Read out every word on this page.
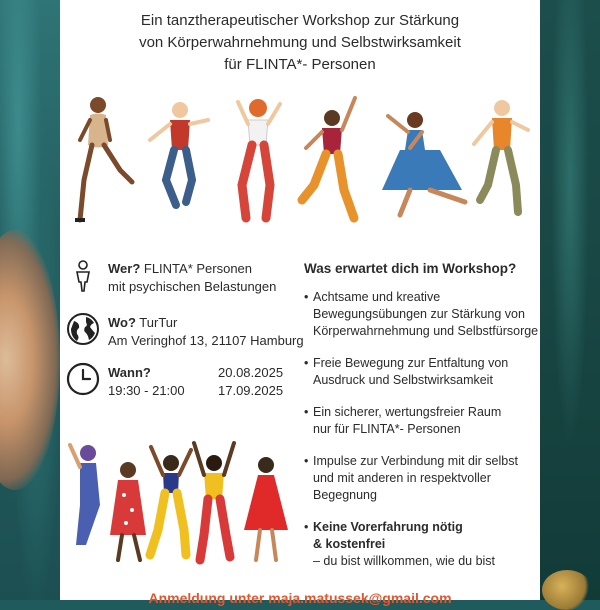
Ein tanztherapeutischer Workshop zur Stärkung
von Körperwahrnehmung und Selbstwirksamkeit
für FLINTA*- Personen
Wer? FLINTA* Personen
mit psychischen Belastungen
Wo? TurTur
Am Veringhof 13, 21107 Hamburg
Wann?
19:30 - 21:00
20.08.2025
17.09.2025
Was erwartet dich im Workshop?
• Achtsame und kreative
Bewegungsübungen zur Stärkung von
Körperwahrnehmung und Selbstfürsorge
• Freie Bewegung zur Entfaltung von
Ausdruck und Selbstwirksamkeit
• Ein sicherer, wertungsfreier Raum
nur für FLINTA*- Personen
• Impulse zur Verbindung mit dir selbst
und mit anderen in respektvoller
Begegnung
• Keine Vorerfahrung nötig
& kostenfrei
– du bist willkommen, wie du bist
Anmeldung unter maja.matussek@gmail.com
